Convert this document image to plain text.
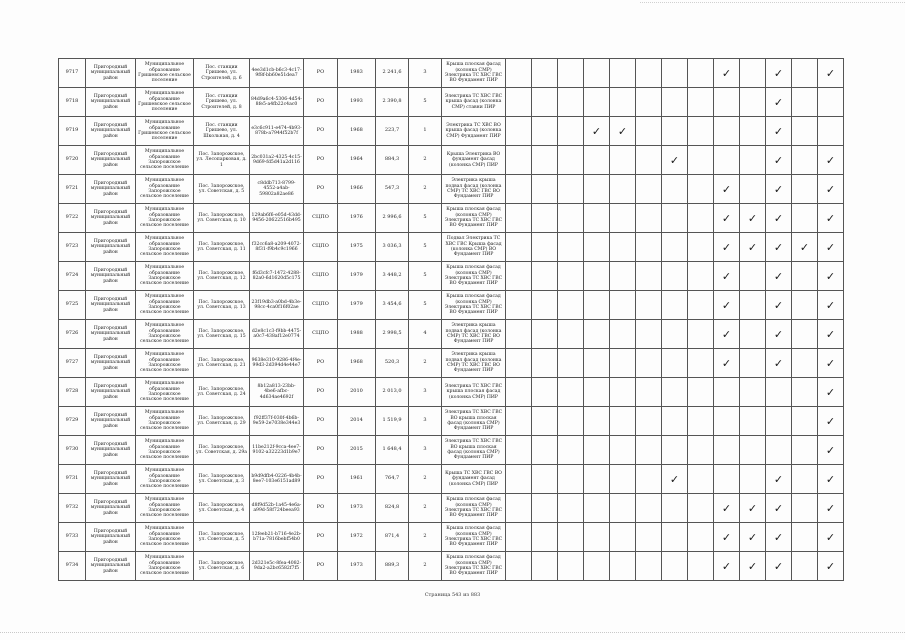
9717	Пригородный муниципальный район	Муниципальное образование Гришевское сельское поселение	Пос. станции Гришево, ул. Строителей, д. 6	4ee3d1cb-b6c3-4c17-9f8f-bb60e51dea7	РО	1983	2 241,6	3	Крыша плоская фасад (колонка СМР) Электрика ТС ХВС ГВС ВО Фундамент ПИР									✓		✓		✓
9718	Пригородный муниципальный район	Муниципальное образование Гришевское сельское поселение	Пос. станции Гришево, ул. Строителей, д. 8	84d9a6c4-5306-4d54-8fe5-a4fb22c4ac0	РО	1993	2 390,8	5	Электрика ТС ХВС ГВС крыша фасад (колонка СМР) ставни ПИР											✓		
9719	Пригородный муниципальный район	Муниципальное образование Гришевское сельское поселение	Пос. станции Гришево, ул. Школьная, д. 4	e3c6c911-e474-4b93-878b-a7944f52b7f	РО	1968	223,7	1	Электрика ТС ХВС ВО крыша фасад (колонка СМР) Фундамент ПИР				✓	✓						✓		
9720	Пригородный муниципальный район	Муниципальное образование Запорожское сельское поселение	Пос. Запорожское, ул. Лесопарковая, д. 1	2bc031a2-4325-4c15-9d69-fd5d41a2d116	РО	1964	884,3	2	Крыша Электрика ВО фундамент фасад (колонка СМР) ПИР							✓				✓		✓
9721	Пригородный муниципальный район	Муниципальное образование Запорожское сельское поселение	Пос. Запорожское, ул. Советская, д. 5	c8ddb713-8799-4552-a4ab-59802a82ae86	РО	1966	547,3	2	Электрика крыша подвал фасад (колонка СМР) ТС ХВС ГВС ВО Фундамент ПИР									✓		✓		✓
9722	Пригородный муниципальный район	Муниципальное образование Запорожское сельское поселение	Пос. Запорожское, ул. Советская, д. 10	129ab6f6-e05d-43dd-9456-20622516b495	СЦПО	1976	2 996,6	5	Крыша плоская фасад (колонка СМР) Электрика ТС ХВС ГВС ВО Фундамент ПИР									✓	✓	✓		✓
9723	Пригородный муниципальный район	Муниципальное образование Запорожское сельское поселение	Пос. Запорожское, ул. Советская, д. 11	f32cc6a8-a209-4072-8f31-f9b4c9c1966	СЦПО	1975	3 036,3	5	Подвал Электрика ТС ХВС ГВС Крыша фасад (колонка СМР) ВО Фундамент ПИР									✓	✓	✓	✓	✓
9724	Пригородный муниципальный район	Муниципальное образование Запорожское сельское поселение	Пос. Запорожское, ул. Советская, д. 12	f6d3cfc7-1472-4288-82a0-6d1620d5c175	СЦПО	1979	3 448,2	5	Крыша плоская фасад (колонка СМР) Электрика ТС ХВС ГВС ВО Фундамент ПИР									✓		✓		✓
9725	Пригородный муниципальный район	Муниципальное образование Запорожское сельское поселение	Пос. Запорожское, ул. Советская, д. 13	23f19db3-a0bd-4b3e-98cc-4ca0f16f02ae	СЦПО	1979	3 454,6	5	Крыша плоская фасад (колонка СМР) Электрика ТС ХВС ГВС ВО Фундамент ПИР									✓		✓		✓
9726	Пригородный муниципальный район	Муниципальное образование Запорожское сельское поселение	Пос. Запорожское, ул. Советская, д. 15	d2e8c1c3-f9bb-4475-a0c7-438af12e0774	СЦПО	1988	2 998,5	4	Электрика крыша подвал фасад (колонка СМР) ТС ХВС ГВС ВО Фундамент ПИР									✓		✓		✓
9727	Пригородный муниципальный район	Муниципальное образование Запорожское сельское поселение	Пос. Запорожское, ул. Советская, д. 21	9638e310-9286-4f4e-99d3-2d394d4e44e7	РО	1968	520,3	2	Электрика крыша подвал фасад (колонка СМР) ТС ХВС ГВС ВО Фундамент ПИР									✓		✓		✓
9728	Пригородный муниципальный район	Муниципальное образование Запорожское сельское поселение	Пос. Запорожское, ул. Советская, д. 24	8b12a813-23bb-4be6-afbc-4d634ae4692f	РО	2010	2 013,0	3	Электрика ТС ХВС ГВС крыша плоская фасад (колонка СМР) ПИР													✓
9729	Пригородный муниципальный район	Муниципальное образование Запорожское сельское поселение	Пос. Запорожское, ул. Советская, д. 29	f92ff37f-030f-4b6b-9e59-2e7038e344e3	РО	2014	1 519,9	3	Электрика ТС ХВС ГВС ВО крыша плоская фасад (колонка СМР) Фундамент ПИР													✓
9730	Пригородный муниципальный район	Муниципальное образование Запорожское сельское поселение	Пос. Запорожское, ул. Советская, д. 29а	11be212f-9cca-4ee7-9102-a32223d1b9e7	РО	2015	1 648,4	3	Электрика ТС ХВС ГВС ВО крыша плоская фасад (колонка СМР) Фундамент ПИР													✓
9731	Пригородный муниципальный район	Муниципальное образование Запорожское сельское поселение	Пос. Запорожское, ул. Советская, д. 3	b9d9dfb4-0226-4b4b-8ee7-103e6151ad89	РО	1961	764,7	2	Крыша ТС ХВС ГВС ВО фундамент фасад (колонка СМР) ПИР							✓				✓		✓
9732	Пригородный муниципальный район	Муниципальное образование Запорожское сельское поселение	Пос. Запорожское, ул. Советская, д. 4	d8f9d52b-1a45-4e6a-a99d-58f724beea93	РО	1973	824,8	2	Крыша плоская фасад (колонка СМР) Электрика ТС ХВС ГВС ВО Фундамент ПИР									✓	✓	✓		✓
9733	Пригородный муниципальный район	Муниципальное образование Запорожское сельское поселение	Пос. Запорожское, ул. Советская, д. 5	12feeb21-b716-4e2b-b71a-7816bebf54b0	РО	1972	871,4	2	Крыша плоская фасад (колонка СМР) Электрика ТС ХВС ГВС ВО Фундамент ПИР									✓	✓	✓		✓
9734	Пригородный муниципальный район	Муниципальное образование Запорожское сельское поселение	Пос. Запорожское, ул. Советская, д. 6	2d321e5c-8fea-4082-9da2-a2bc6582f7f5	РО	1973	889,3	2	Крыша плоская фасад (колонка СМР) Электрика ТС ХВС ГВС ВО Фундамент ПИР									✓	✓	✓		✓
Страница 543 из 883
